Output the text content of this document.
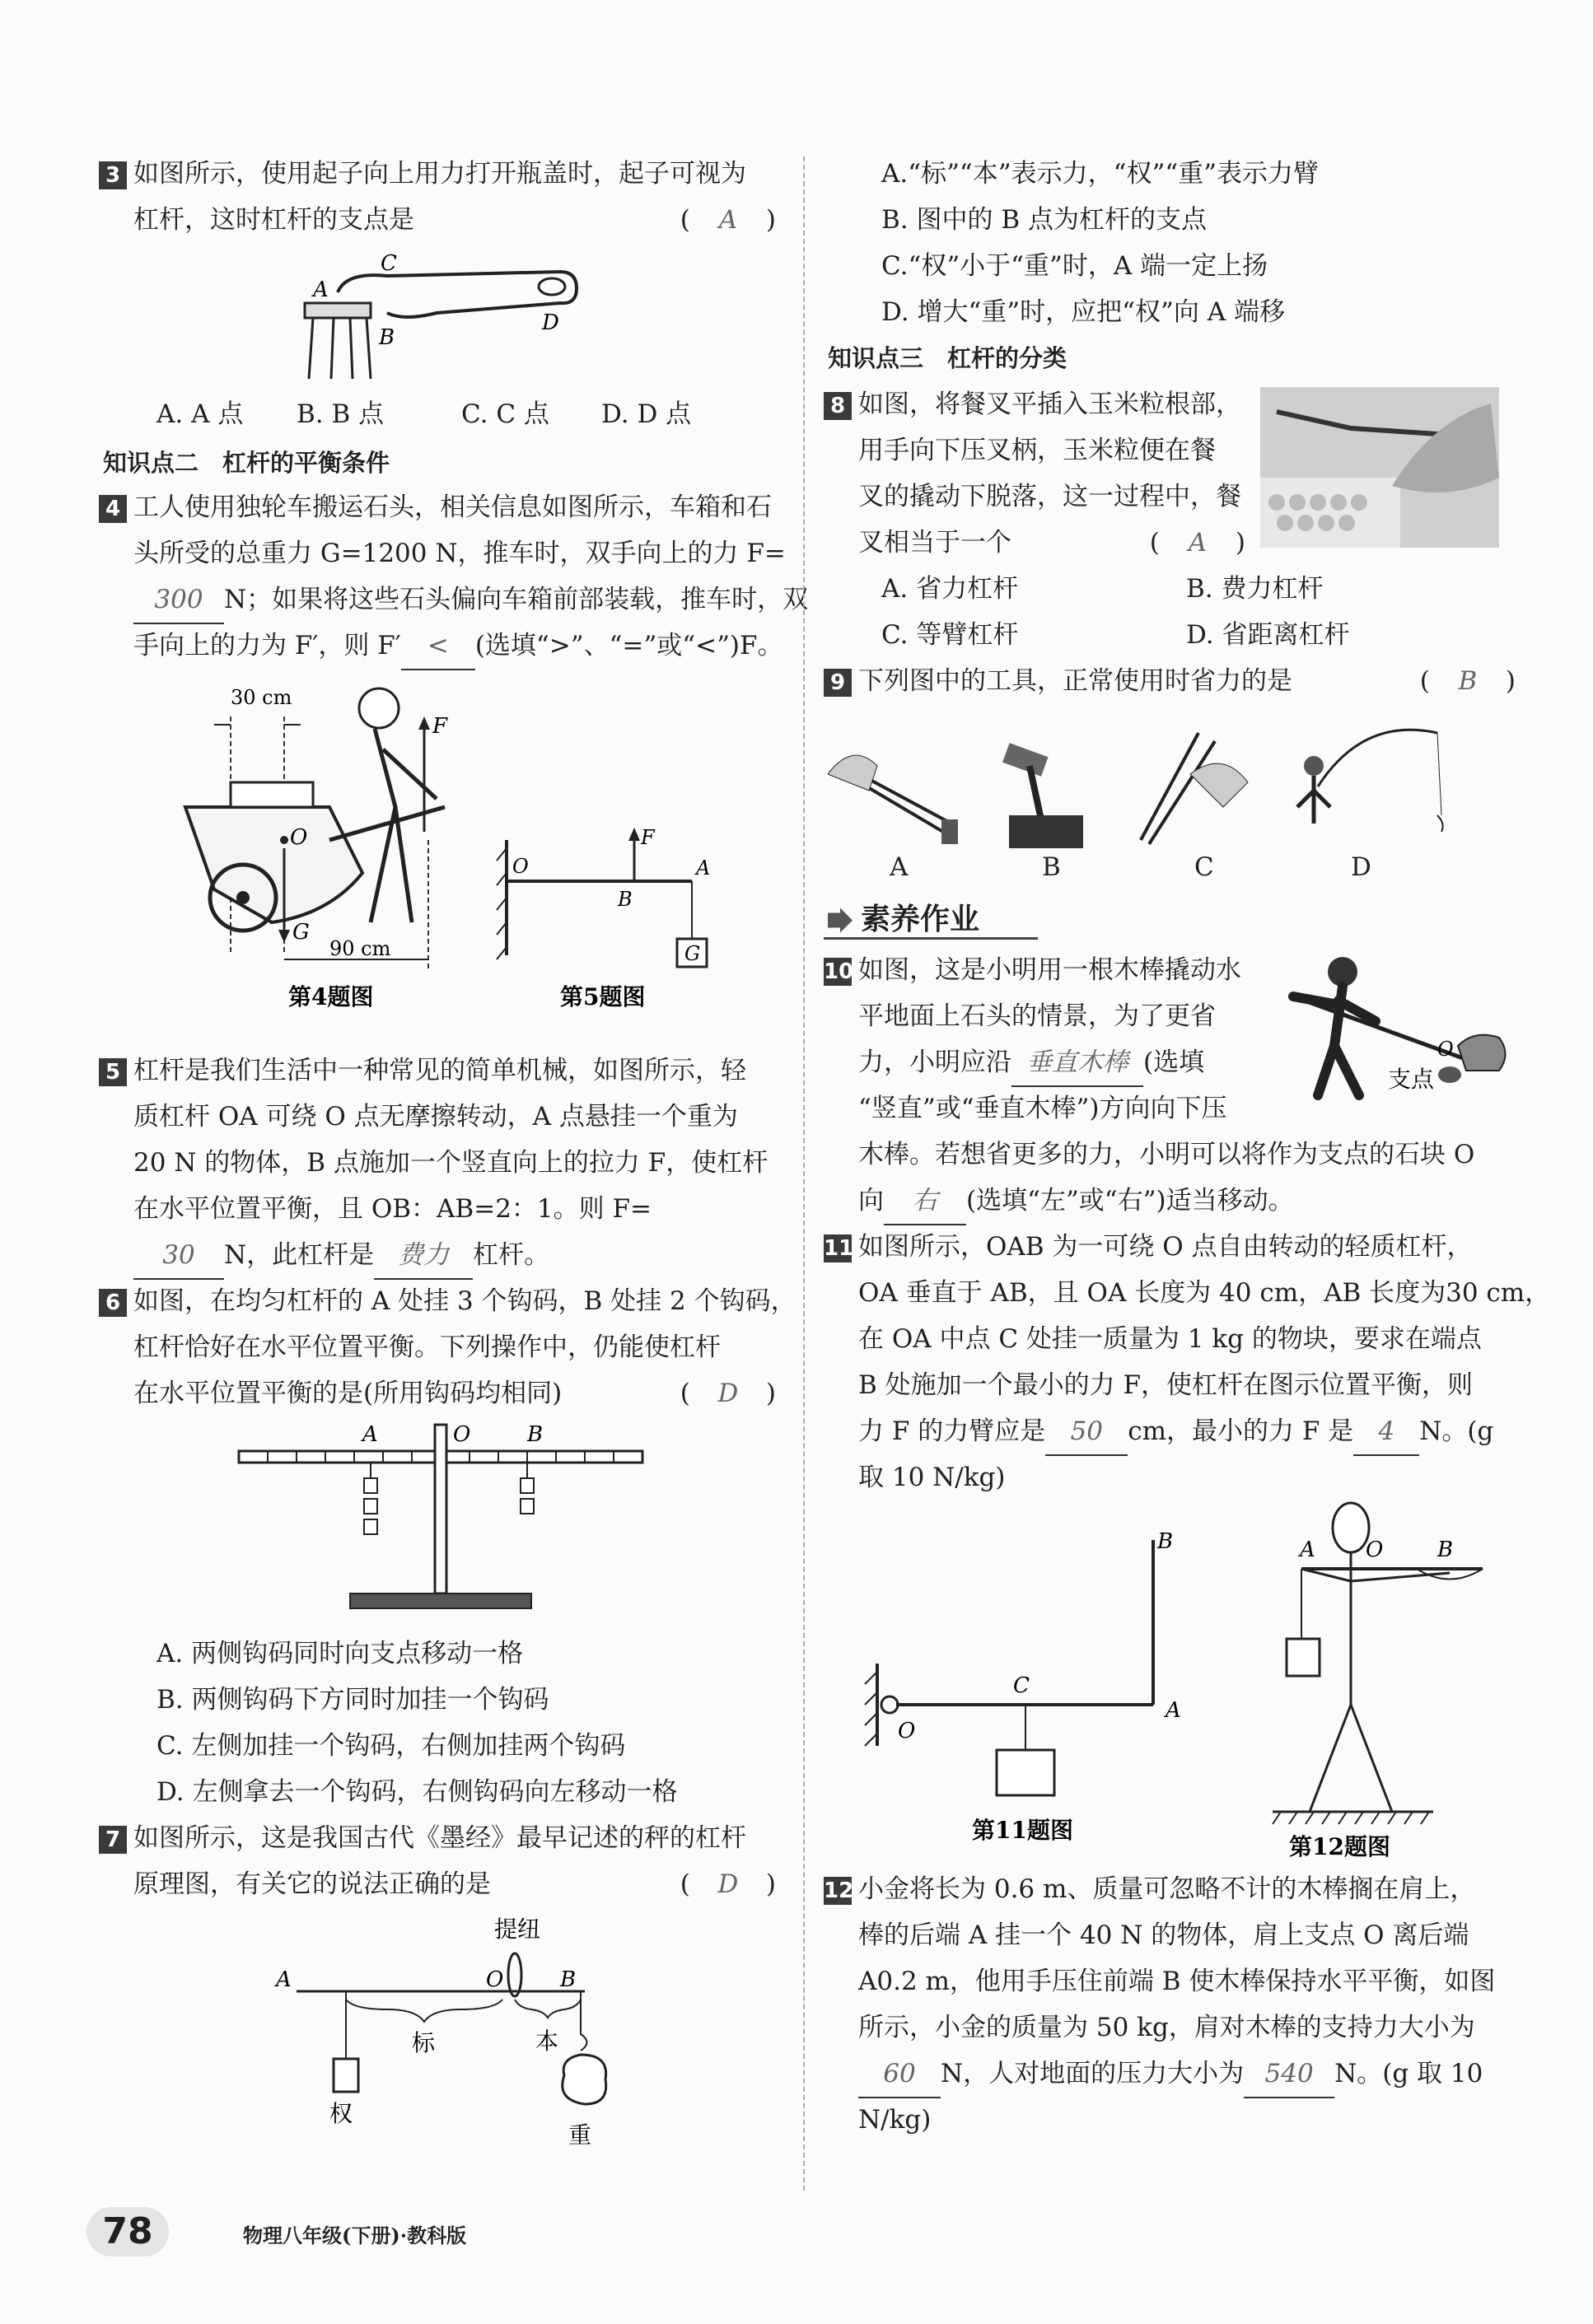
3 如图所示，使用起子向上用力打开瓶盖时，起子可视为
杠杆，这时杠杆的支点是	(　A　)
A
B
C
D
A. A 点 B. B 点	C. C 点 D. D 点
知识点二　杠杆的平衡条件
4 工人使用独轮车搬运石头，相关信息如图所示，车箱和石
头所受的总重力 G=1200 N，推车时，双手向上的力 F=
300 N；如果将这些石头偏向车箱前部装载，推车时，双
手向上的力为 F′，则 F′ < (选填“>”、“=”或“<”)F。
30 cm
F
O
G
90 cm
第4题图
O
F
B
A
G
第5题图
5 杠杆是我们生活中一种常见的简单机械，如图所示，轻
质杠杆 OA 可绕 O 点无摩擦转动，A 点悬挂一个重为
20 N 的物体，B 点施加一个竖直向上的拉力 F，使杠杆
在水平位置平衡，且 OB：AB=2：1。则 F=
30 N，此杠杆是 费力 杠杆。
6 如图，在均匀杠杆的 A 处挂 3 个钩码，B 处挂 2 个钩码，
杠杆恰好在水平位置平衡。下列操作中，仍能使杠杆
在水平位置平衡的是(所用钩码均相同)	(　D　)
A	O	B
A. 两侧钩码同时向支点移动一格
B. 两侧钩码下方同时加挂一个钩码
C. 左侧加挂一个钩码，右侧加挂两个钩码
D. 左侧拿去一个钩码，右侧钩码向左移动一格
7 如图所示，这是我国古代《墨经》最早记述的秤的杠杆
原理图，有关它的说法正确的是	(　D　)
提纽
A	O	B
标	本
权
重
A.“标”“本”表示力，“权”“重”表示力臂
B. 图中的 B 点为杠杆的支点
C.“权”小于“重”时，A 端一定上扬
D. 增大“重”时，应把“权”向 A 端移
知识点三　杠杆的分类
8 如图，将餐叉平插入玉米粒根部，
用手向下压叉柄，玉米粒便在餐
叉的撬动下脱落，这一过程中，餐
叉相当于一个	(　A　)
A. 省力杠杆	B. 费力杠杆
C. 等臂杠杆	D. 省距离杠杆
9 下列图中的工具，正常使用时省力的是	(　B　)
A	B	C	D
素养作业
10 如图，这是小明用一根木棒撬动水
平地面上石头的情景，为了更省
力，小明应沿 垂直木棒 (选填
“竖直”或“垂直木棒”)方向向下压
木棒。若想省更多的力，小明可以将作为支点的石块 O
向 右 (选填“左”或“右”)适当移动。
支点
O
11 如图所示，OAB 为一可绕 O 点自由转动的轻质杠杆，
OA 垂直于 AB，且 OA 长度为 40 cm，AB 长度为30 cm，
在 OA 中点 C 处挂一质量为 1 kg 的物块，要求在端点
B 处施加一个最小的力 F，使杠杆在图示位置平衡，则
力 F 的力臂应是 50 cm，最小的力 F 是 4 N。(g
取 10 N/kg)
B
C
A
O
第11题图
A O	B
第12题图
12 小金将长为 0.6 m、质量可忽略不计的木棒搁在肩上，
棒的后端 A 挂一个 40 N 的物体，肩上支点 O 离后端
A0.2 m，他用手压住前端 B 使木棒保持水平平衡，如图
所示，小金的质量为 50 kg，肩对木棒的支持力大小为
60 N，人对地面的压力大小为 540 N。(g 取 10
N/kg)
78	物理八年级(下册)·教科版
